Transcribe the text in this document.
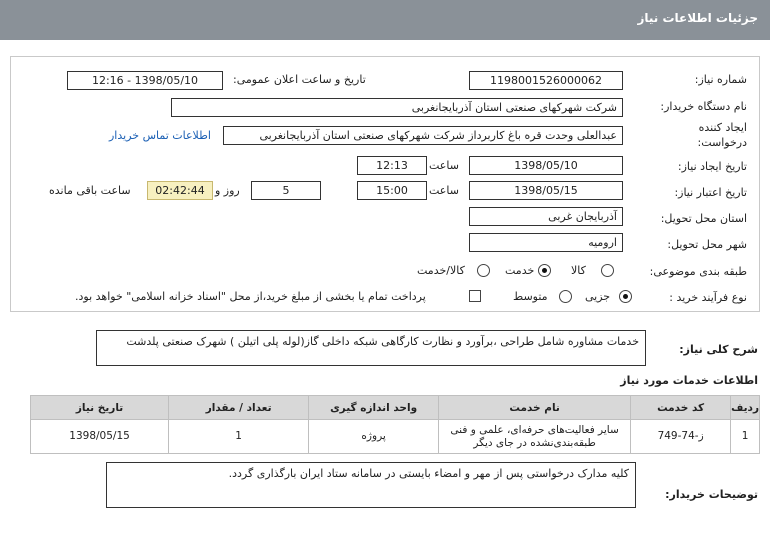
جزئیات اطلاعات نیاز
شماره نیاز:
1198001526000062
تاریخ و ساعت اعلان عمومی:
1398/05/10 - 12:16
نام دستگاه خریدار:
شرکت شهرکهای صنعتی استان آذربایجانغربی
ایجاد کننده
درخواست:
عبدالعلی وحدت قره باغ کاربرداز شرکت شهرکهای صنعتی استان آذربایجانغربی
اطلاعات تماس خریدار
تاریخ ایجاد نیاز:
1398/05/10
ساعت
12:13
تاریخ اعتبار نیاز:
1398/05/15
ساعت
15:00
5
روز و
02:42:44
ساعت باقی مانده
استان محل تحویل:
آذربایجان غربی
شهر محل تحویل:
ارومیه
طبقه بندی موضوعی:
کالا
خدمت
کالا/خدمت
نوع فرآیند خرید :
جزیی
متوسط
پرداخت تمام یا بخشی از مبلغ خرید،از محل "اسناد خزانه اسلامی" خواهد بود.
شرح کلی نیاز:
خدمات مشاوره شامل طراحی ،برآورد و نظارت کارگاهی شبکه داخلی گاز(لوله پلی اتیلن ) شهرک صنعتی پلدشت
اطلاعات خدمات مورد نیاز
ردیف	کد خدمت	نام خدمت	واحد اندازه گیری	تعداد / مقدار	تاریخ نیاز
1	ز-74-749	سایر فعالیت‌های حرفه‌ای، علمی و فنی طبقه‌بندی‌نشده در جای دیگر	پروژه	1	1398/05/15
توضیحات خریدار:
کلیه مدارک درخواستی پس از مهر و امضاء بایستی در سامانه ستاد ایران بارگذاری گردد.
